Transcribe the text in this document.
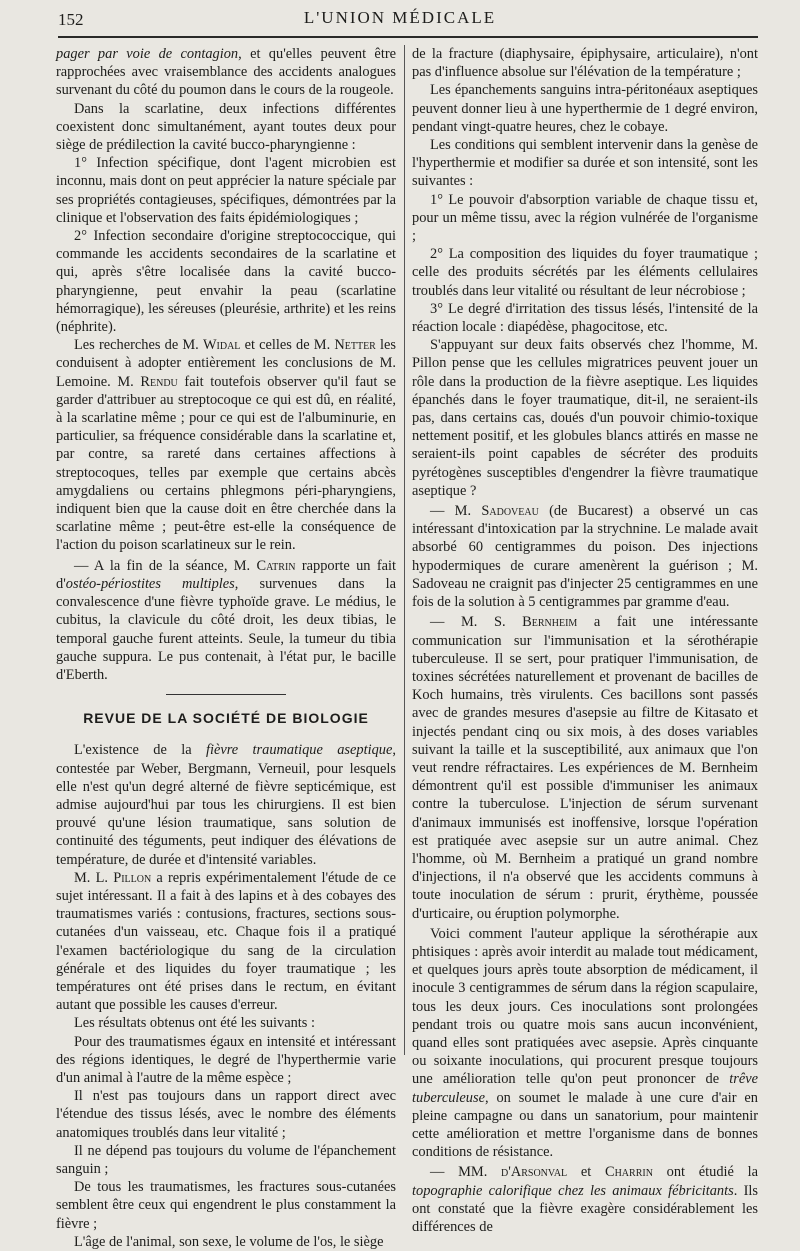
152	L'UNION MÉDICALE

pager par voie de contagion, et qu'elles peuvent être rapprochées avec vraisemblance des accidents analogues survenant du côté du poumon dans le cours de la rougeole.

Dans la scarlatine, deux infections différentes coexistent donc simultanément, ayant toutes deux pour siège de prédilection la cavité bucco-pharyngienne :

1° Infection spécifique, dont l'agent microbien est inconnu, mais dont on peut apprécier la nature spéciale par ses propriétés contagieuses, spécifiques, démontrées par la clinique et l'observation des faits épidémiologiques ;

2° Infection secondaire d'origine streptococcique, qui commande les accidents secondaires de la scarlatine et qui, après s'être localisée dans la cavité bucco-pharyngienne, peut envahir la peau (scarlatine hémorragique), les séreuses (pleurésie, arthrite) et les reins (néphrite).

Les recherches de M. Widal et celles de M. Netter les conduisent à adopter entièrement les conclusions de M. Lemoine. M. Rendu fait toutefois observer qu'il faut se garder d'attribuer au streptocoque ce qui est dû, en réalité, à la scarlatine même ; pour ce qui est de l'albuminurie, en particulier, sa fréquence considérable dans la scarlatine et, par contre, sa rareté dans certaines affections à streptocoques, telles par exemple que certains abcès amygdaliens ou certains phlegmons péri-pharyngiens, indiquent bien que la cause doit en être cherchée dans la scarlatine même ; peut-être est-elle la conséquence de l'action du poison scarlatineux sur le rein.

— A la fin de la séance, M. Catrin rapporte un fait d'ostéo-périostites multiples, survenues dans la convalescence d'une fièvre typhoïde grave. Le médius, le cubitus, la clavicule du côté droit, les deux tibias, le temporal gauche furent atteints. Seule, la tumeur du tibia gauche suppura. Le pus contenait, à l'état pur, le bacille d'Eberth.

REVUE DE LA SOCIÉTÉ DE BIOLOGIE

L'existence de la fièvre traumatique aseptique, contestée par Weber, Bergmann, Verneuil, pour lesquels elle n'est qu'un degré alterné de fièvre septicémique, est admise aujourd'hui par tous les chirurgiens. Il est bien prouvé qu'une lésion traumatique, sans solution de continuité des téguments, peut indiquer des élévations de température, de durée et d'intensité variables.

M. L. Pillon a repris expérimentalement l'étude de ce sujet intéressant. Il a fait à des lapins et à des cobayes des traumatismes variés : contusions, fractures, sections sous-cutanées d'un vaisseau, etc. Chaque fois il a pratiqué l'examen bactériologique du sang de la circulation générale et des liquides du foyer traumatique ; les températures ont été prises dans le rectum, en évitant autant que possible les causes d'erreur.

Les résultats obtenus ont été les suivants :

Pour des traumatismes égaux en intensité et intéressant des régions identiques, le degré de l'hyperthermie varie d'un animal à l'autre de la même espèce ;

Il n'est pas toujours dans un rapport direct avec l'étendue des tissus lésés, avec le nombre des éléments anatomiques troublés dans leur vitalité ;

Il ne dépend pas toujours du volume de l'épanchement sanguin ;

De tous les traumatismes, les fractures sous-cutanées semblent être ceux qui engendrent le plus constamment la fièvre ;

L'âge de l'animal, son sexe, le volume de l'os, le siège

de la fracture (diaphysaire, épiphysaire, articulaire), n'ont pas d'influence absolue sur l'élévation de la température ;

Les épanchements sanguins intra-péritonéaux aseptiques peuvent donner lieu à une hyperthermie de 1 degré environ, pendant vingt-quatre heures, chez le cobaye.

Les conditions qui semblent intervenir dans la genèse de l'hyperthermie et modifier sa durée et son intensité, sont les suivantes :

1° Le pouvoir d'absorption variable de chaque tissu et, pour un même tissu, avec la région vulnérée de l'organisme ;

2° La composition des liquides du foyer traumatique ; celle des produits sécrétés par les éléments cellulaires troublés dans leur vitalité ou résultant de leur nécrobiose ;

3° Le degré d'irritation des tissus lésés, l'intensité de la réaction locale : diapédèse, phagocitose, etc.

S'appuyant sur deux faits observés chez l'homme, M. Pillon pense que les cellules migratrices peuvent jouer un rôle dans la production de la fièvre aseptique. Les liquides épanchés dans le foyer traumatique, dit-il, ne seraient-ils pas, dans certains cas, doués d'un pouvoir chimio-toxique nettement positif, et les globules blancs attirés en masse ne seraient-ils point capables de sécréter des produits pyrétogènes susceptibles d'engendrer la fièvre traumatique aseptique ?

— M. Sadoveau (de Bucarest) a observé un cas intéressant d'intoxication par la strychnine. Le malade avait absorbé 60 centigrammes du poison. Des injections hypodermiques de curare amenèrent la guérison ; M. Sadoveau ne craignit pas d'injecter 25 centigrammes en une fois de la solution à 5 centigrammes par gramme d'eau.

— M. S. Bernheim a fait une intéressante communication sur l'immunisation et la sérothérapie tuberculeuse. Il se sert, pour pratiquer l'immunisation, de toxines sécrétées naturellement et provenant de bacilles de Koch humains, très virulents. Ces bacillons sont passés avec de grandes mesures d'asepsie au filtre de Kitasato et injectés pendant cinq ou six mois, à des doses variables suivant la taille et la susceptibilité, aux animaux que l'on veut rendre réfractaires. Les expériences de M. Bernheim démontrent qu'il est possible d'immuniser les animaux contre la tuberculose. L'injection de sérum survenant d'animaux immunisés est inoffensive, lorsque l'opération est pratiquée avec asepsie sur un autre animal. Chez l'homme, où M. Bernheim a pratiqué un grand nombre d'injections, il n'a observé que les accidents communs à toute inoculation de sérum : prurit, érythème, poussée d'urticaire, ou éruption polymorphe.

Voici comment l'auteur applique la sérothérapie aux phtisiques : après avoir interdit au malade tout médicament, et quelques jours après toute absorption de médicament, il inocule 3 centigrammes de sérum dans la région scapulaire, tous les deux jours. Ces inoculations sont prolongées pendant trois ou quatre mois sans aucun inconvénient, quand elles sont pratiquées avec asepsie. Après cinquante ou soixante inoculations, qui procurent presque toujours une amélioration telle qu'on peut prononcer de trêve tuberculeuse, on soumet le malade à une cure d'air en pleine campagne ou dans un sanatorium, pour maintenir cette amélioration et mettre l'organisme dans de bonnes conditions de résistance.

— MM. d'Arsonval et Charrin ont étudié la topographie calorifique chez les animaux fébricitants. Ils ont constaté que la fièvre exagère considérablement les différences de
